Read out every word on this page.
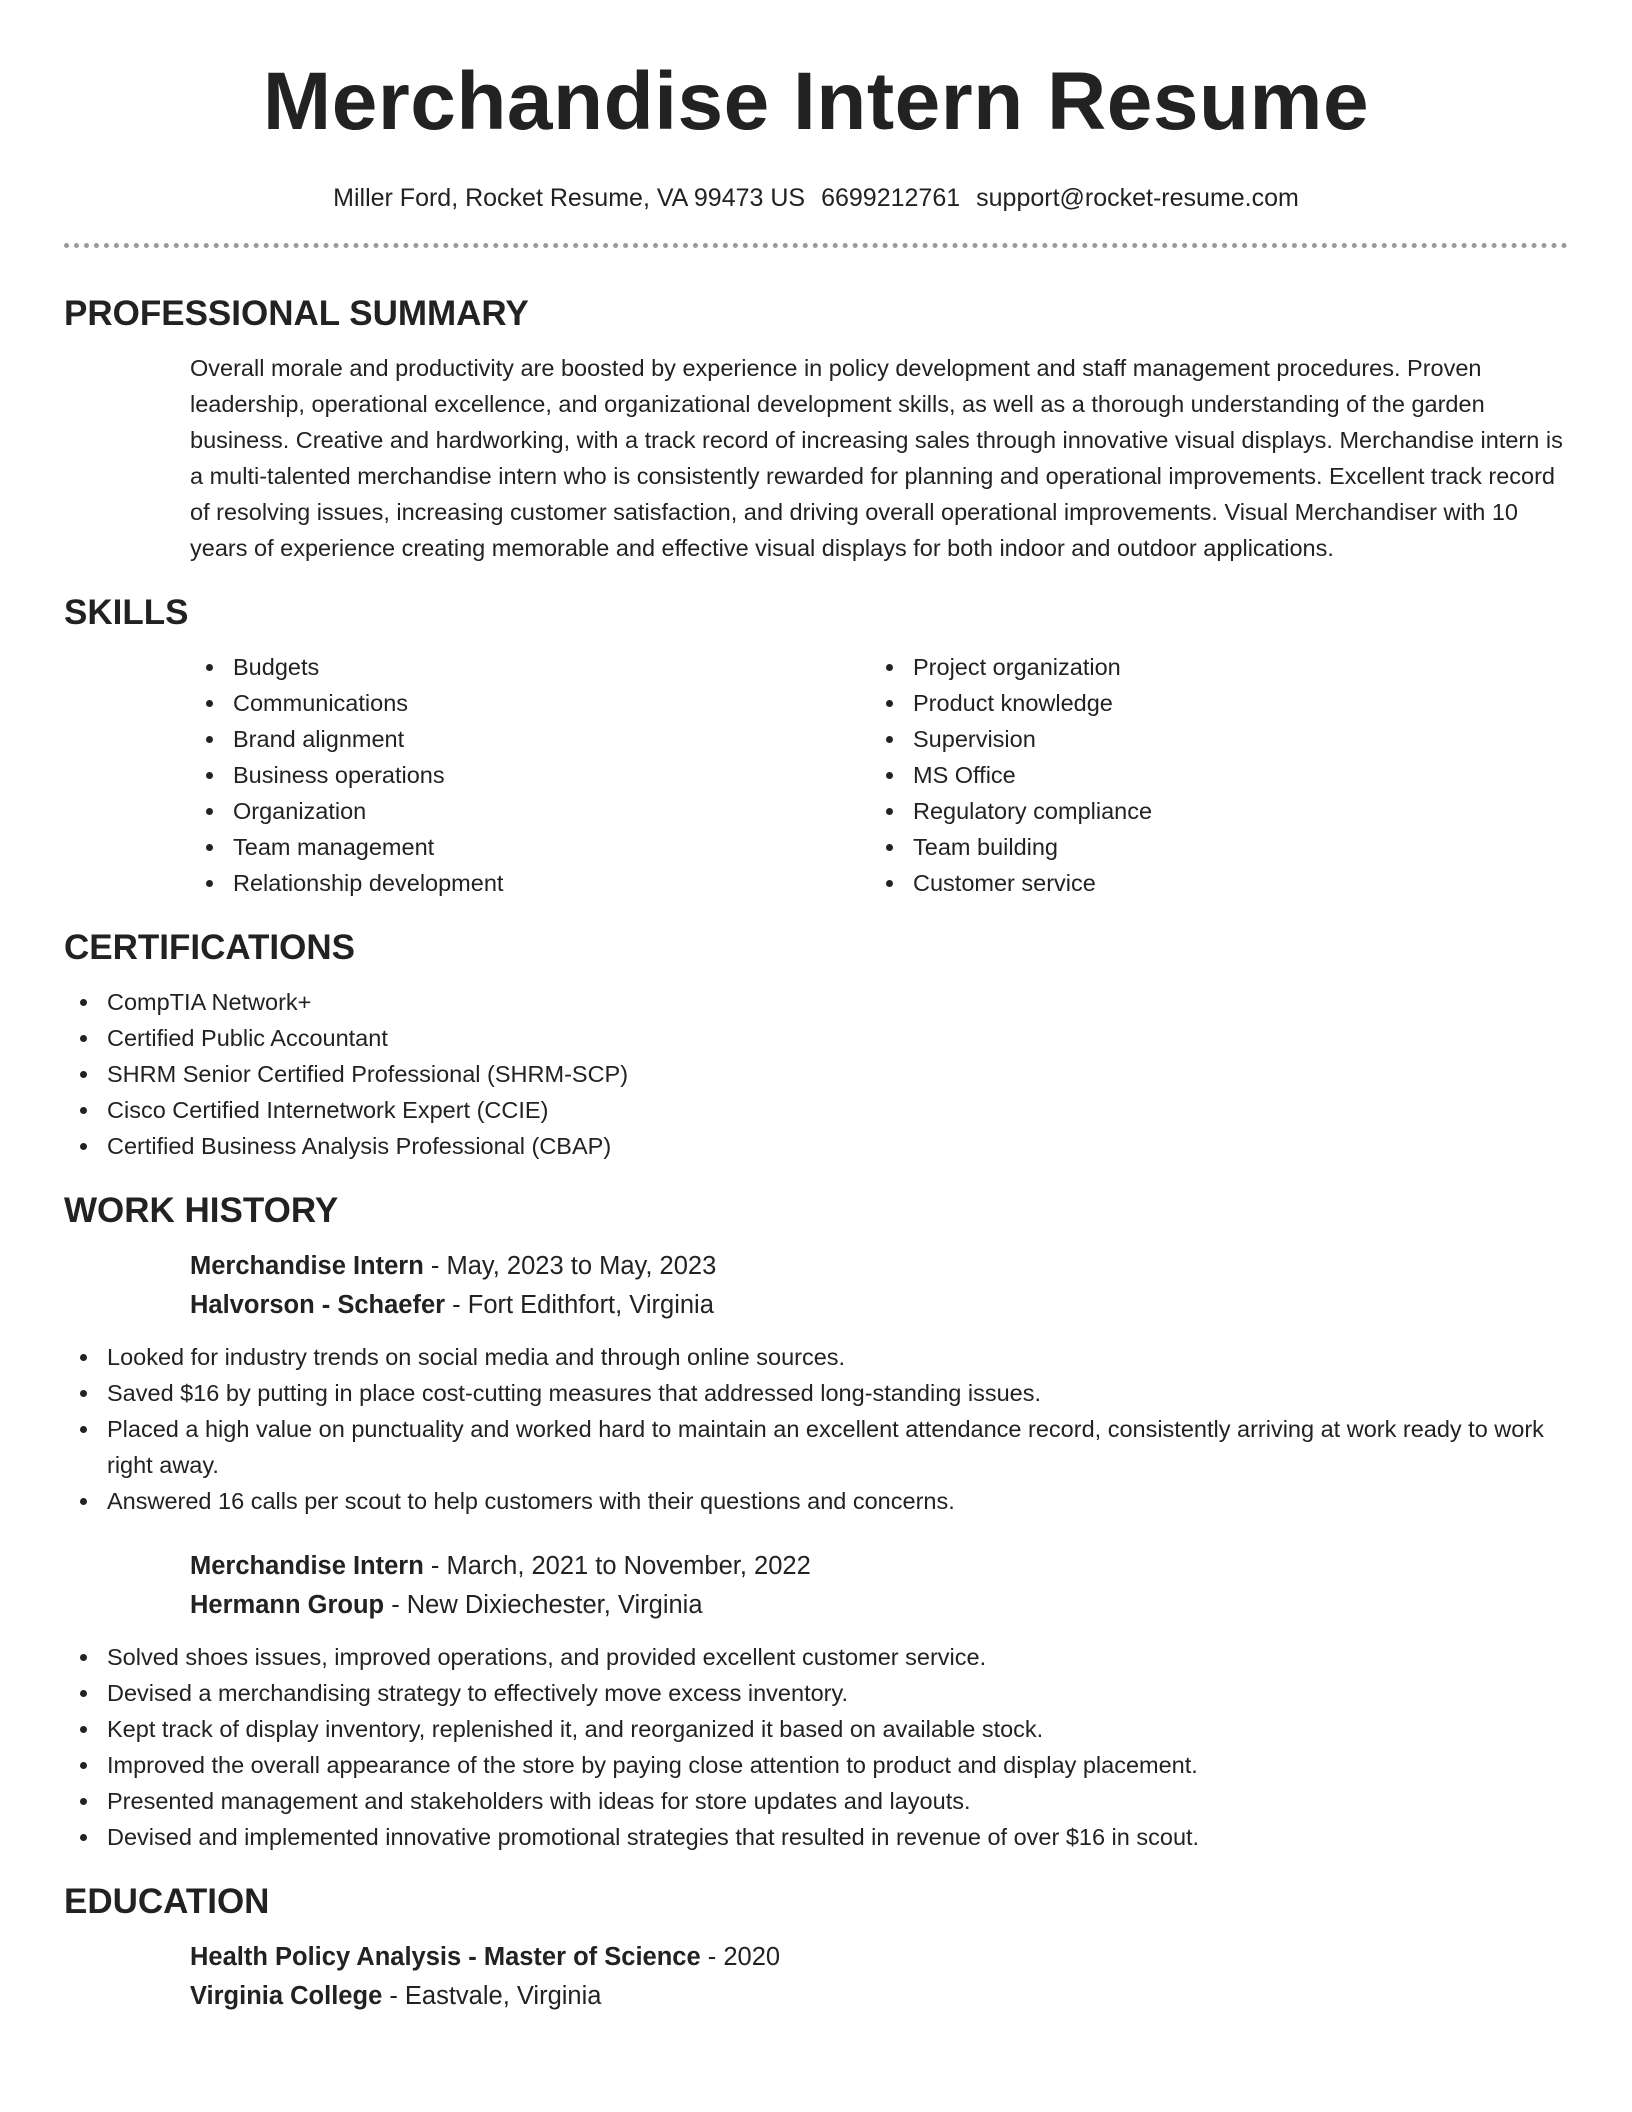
Merchandise Intern Resume
Miller Ford, Rocket Resume, VA 99473 US 6699212761 support@rocket-resume.com
PROFESSIONAL SUMMARY
Overall morale and productivity are boosted by experience in policy development and staff management procedures. Proven leadership, operational excellence, and organizational development skills, as well as a thorough understanding of the garden business. Creative and hardworking, with a track record of increasing sales through innovative visual displays. Merchandise intern is a multi-talented merchandise intern who is consistently rewarded for planning and operational improvements. Excellent track record of resolving issues, increasing customer satisfaction, and driving overall operational improvements. Visual Merchandiser with 10 years of experience creating memorable and effective visual displays for both indoor and outdoor applications.
SKILLS
Budgets
Communications
Brand alignment
Business operations
Organization
Team management
Relationship development
Project organization
Product knowledge
Supervision
MS Office
Regulatory compliance
Team building
Customer service
CERTIFICATIONS
CompTIA Network+
Certified Public Accountant
SHRM Senior Certified Professional (SHRM-SCP)
Cisco Certified Internetwork Expert (CCIE)
Certified Business Analysis Professional (CBAP)
WORK HISTORY
Merchandise Intern - May, 2023 to May, 2023
Halvorson - Schaefer - Fort Edithfort, Virginia
Looked for industry trends on social media and through online sources.
Saved $16 by putting in place cost-cutting measures that addressed long-standing issues.
Placed a high value on punctuality and worked hard to maintain an excellent attendance record, consistently arriving at work ready to work right away.
Answered 16 calls per scout to help customers with their questions and concerns.
Merchandise Intern - March, 2021 to November, 2022
Hermann Group - New Dixiechester, Virginia
Solved shoes issues, improved operations, and provided excellent customer service.
Devised a merchandising strategy to effectively move excess inventory.
Kept track of display inventory, replenished it, and reorganized it based on available stock.
Improved the overall appearance of the store by paying close attention to product and display placement.
Presented management and stakeholders with ideas for store updates and layouts.
Devised and implemented innovative promotional strategies that resulted in revenue of over $16 in scout.
EDUCATION
Health Policy Analysis - Master of Science - 2020
Virginia College - Eastvale, Virginia
